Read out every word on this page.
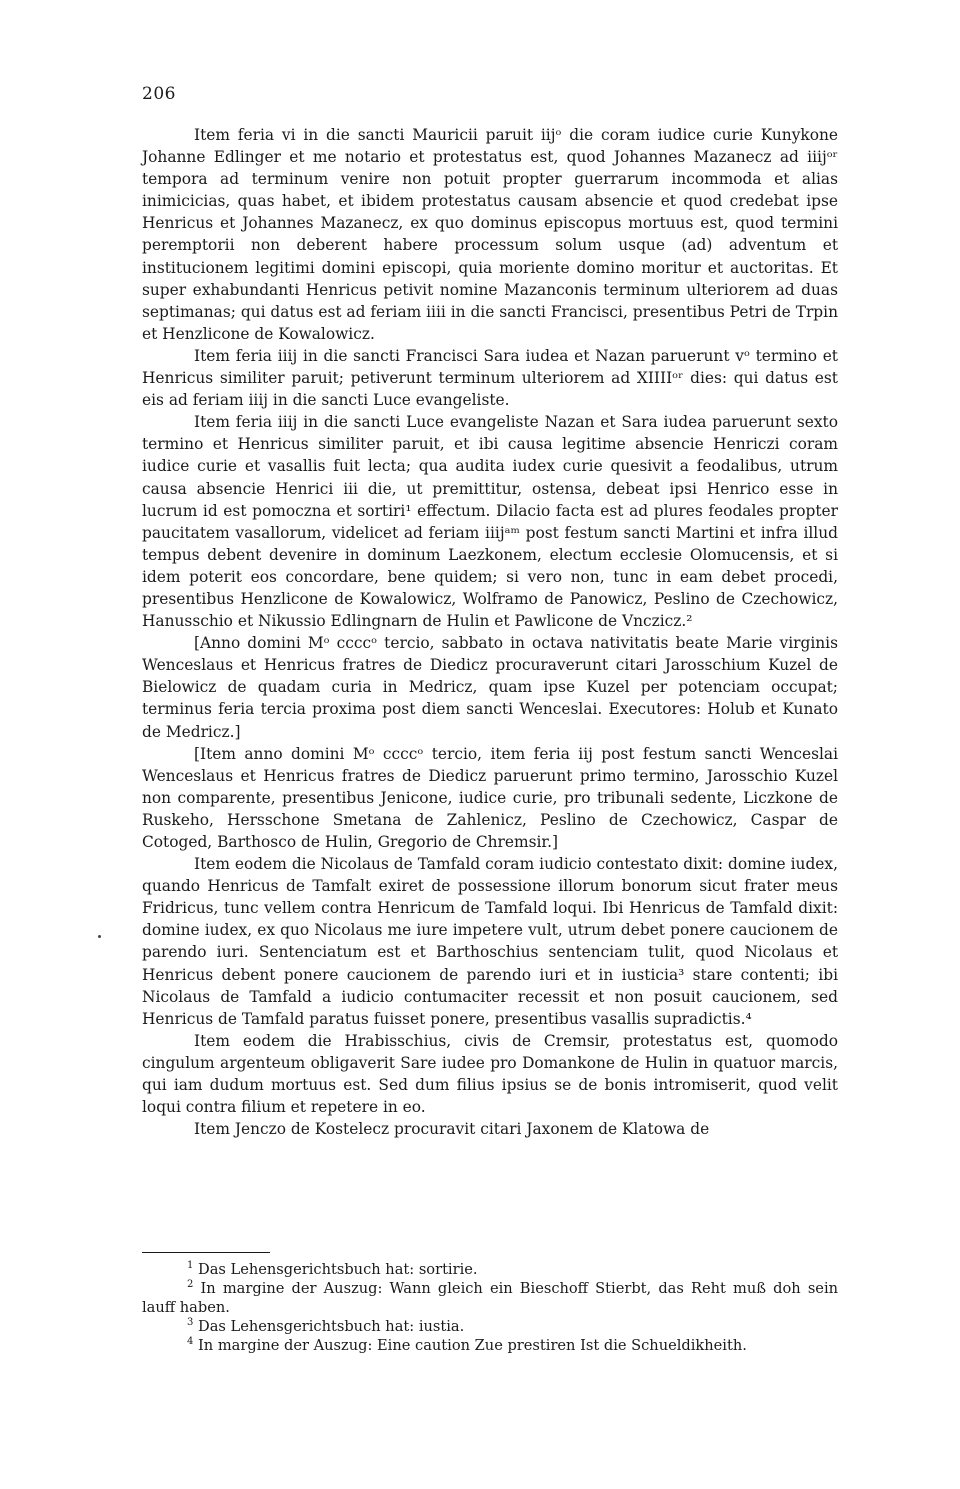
206

Item feria vi in die sancti Mauricii paruit iijᵒ die coram iudice curie Kunykone Johanne Edlinger et me notario et protestatus est, quod Johannes Mazanecz ad iiijᵒʳ tempora ad terminum venire non potuit propter guerrarum incommoda et alias inimicicias, quas habet, et ibidem protestatus causam absencie et quod credebat ipse Henricus et Johannes Mazanecz, ex quo dominus episcopus mortuus est, quod termini peremptorii non deberent habere processum solum usque (ad) adventum et institucionem legitimi domini episcopi, quia moriente domino moritur et auctoritas. Et super exhabundanti Henricus petivit nomine Mazanconis terminum ulteriorem ad duas septimanas; qui datus est ad feriam iiii in die sancti Francisci, presentibus Petri de Trpin et Henzlicone de Kowalowicz.

Item feria iiij in die sancti Francisci Sara iudea et Nazan paruerunt vᵒ termino et Henricus similiter paruit; petiverunt terminum ulteriorem ad XIIIIᵒʳ dies: qui datus est eis ad feriam iiij in die sancti Luce evangeliste.

Item feria iiij in die sancti Luce evangeliste Nazan et Sara iudea paruerunt sexto termino et Henricus similiter paruit, et ibi causa legitime absencie Henriczi coram iudice curie et vasallis fuit lecta; qua audita iudex curie quesivit a feodalibus, utrum causa absencie Henrici iii die, ut premittitur, ostensa, debeat ipsi Henrico esse in lucrum id est pomoczna et sortiri¹ effectum. Dilacio facta est ad plures feodales propter paucitatem vasallorum, videlicet ad feriam iiijᵃᵐ post festum sancti Martini et infra illud tempus debent devenire in dominum Laezkonem, electum ecclesie Olomucensis, et si idem poterit eos concordare, bene quidem; si vero non, tunc in eam debet procedi, presentibus Henzlicone de Kowalowicz, Wolframo de Panowicz, Peslino de Czechowicz, Hanusschio et Nikussio Edlingnarn de Hulin et Pawlicone de Vnczicz.²

[Anno domini Mᵒ ccccᵒ tercio, sabbato in octava nativitatis beate Marie virginis Wenceslaus et Henricus fratres de Diedicz procuraverunt citari Jarosschium Kuzel de Bielowicz de quadam curia in Medricz, quam ipse Kuzel per potenciam occupat; terminus feria tercia proxima post diem sancti Wenceslai. Executores: Holub et Kunato de Medricz.]

[Item anno domini Mᵒ ccccᵒ tercio, item feria iij post festum sancti Wenceslai Wenceslaus et Henricus fratres de Diedicz paruerunt primo termino, Jarosschio Kuzel non comparente, presentibus Jenicone, iudice curie, pro tribunali sedente, Liczkone de Ruskeho, Hersschone Smetana de Zahlenicz, Peslino de Czechowicz, Caspar de Cotoged, Barthosco de Hulin, Gregorio de Chremsir.]

Item eodem die Nicolaus de Tamfald coram iudicio contestato dixit: domine iudex, quando Henricus de Tamfalt exiret de possessione illorum bonorum sicut frater meus Fridricus, tunc vellem contra Henricum de Tamfald loqui. Ibi Henricus de Tamfald dixit: domine iudex, ex quo Nicolaus me iure impetere vult, utrum debet ponere caucionem de parendo iuri. Sentenciatum est et Barthoschius sentenciam tulit, quod Nicolaus et Henricus debent ponere caucionem de parendo iuri et in iusticia³ stare contenti; ibi Nicolaus de Tamfald a iudicio contumaciter recessit et non posuit caucionem, sed Henricus de Tamfald paratus fuisset ponere, presentibus vasallis supradictis.⁴

Item eodem die Hrabisschius, civis de Cremsir, protestatus est, quomodo cingulum argenteum obligaverit Sare iudee pro Domankone de Hulin in quatuor marcis, qui iam dudum mortuus est. Sed dum filius ipsius se de bonis intromiserit, quod velit loqui contra filium et repetere in eo.

Item Jenczo de Kostelecz procuravit citari Jaxonem de Klatowa de

$^1$ Das Lehensgerichtsbuch hat: sortirie.

$^2$ In margine der Auszug: Wann gleich ein Bieschoff Stierbt, das Reht muß doh sein lauff haben.

$^3$ Das Lehensgerichtsbuch hat: iustia.

$^4$ In margine der Auszug: Eine caution Zue prestiren Ist die Schueldikheith.
